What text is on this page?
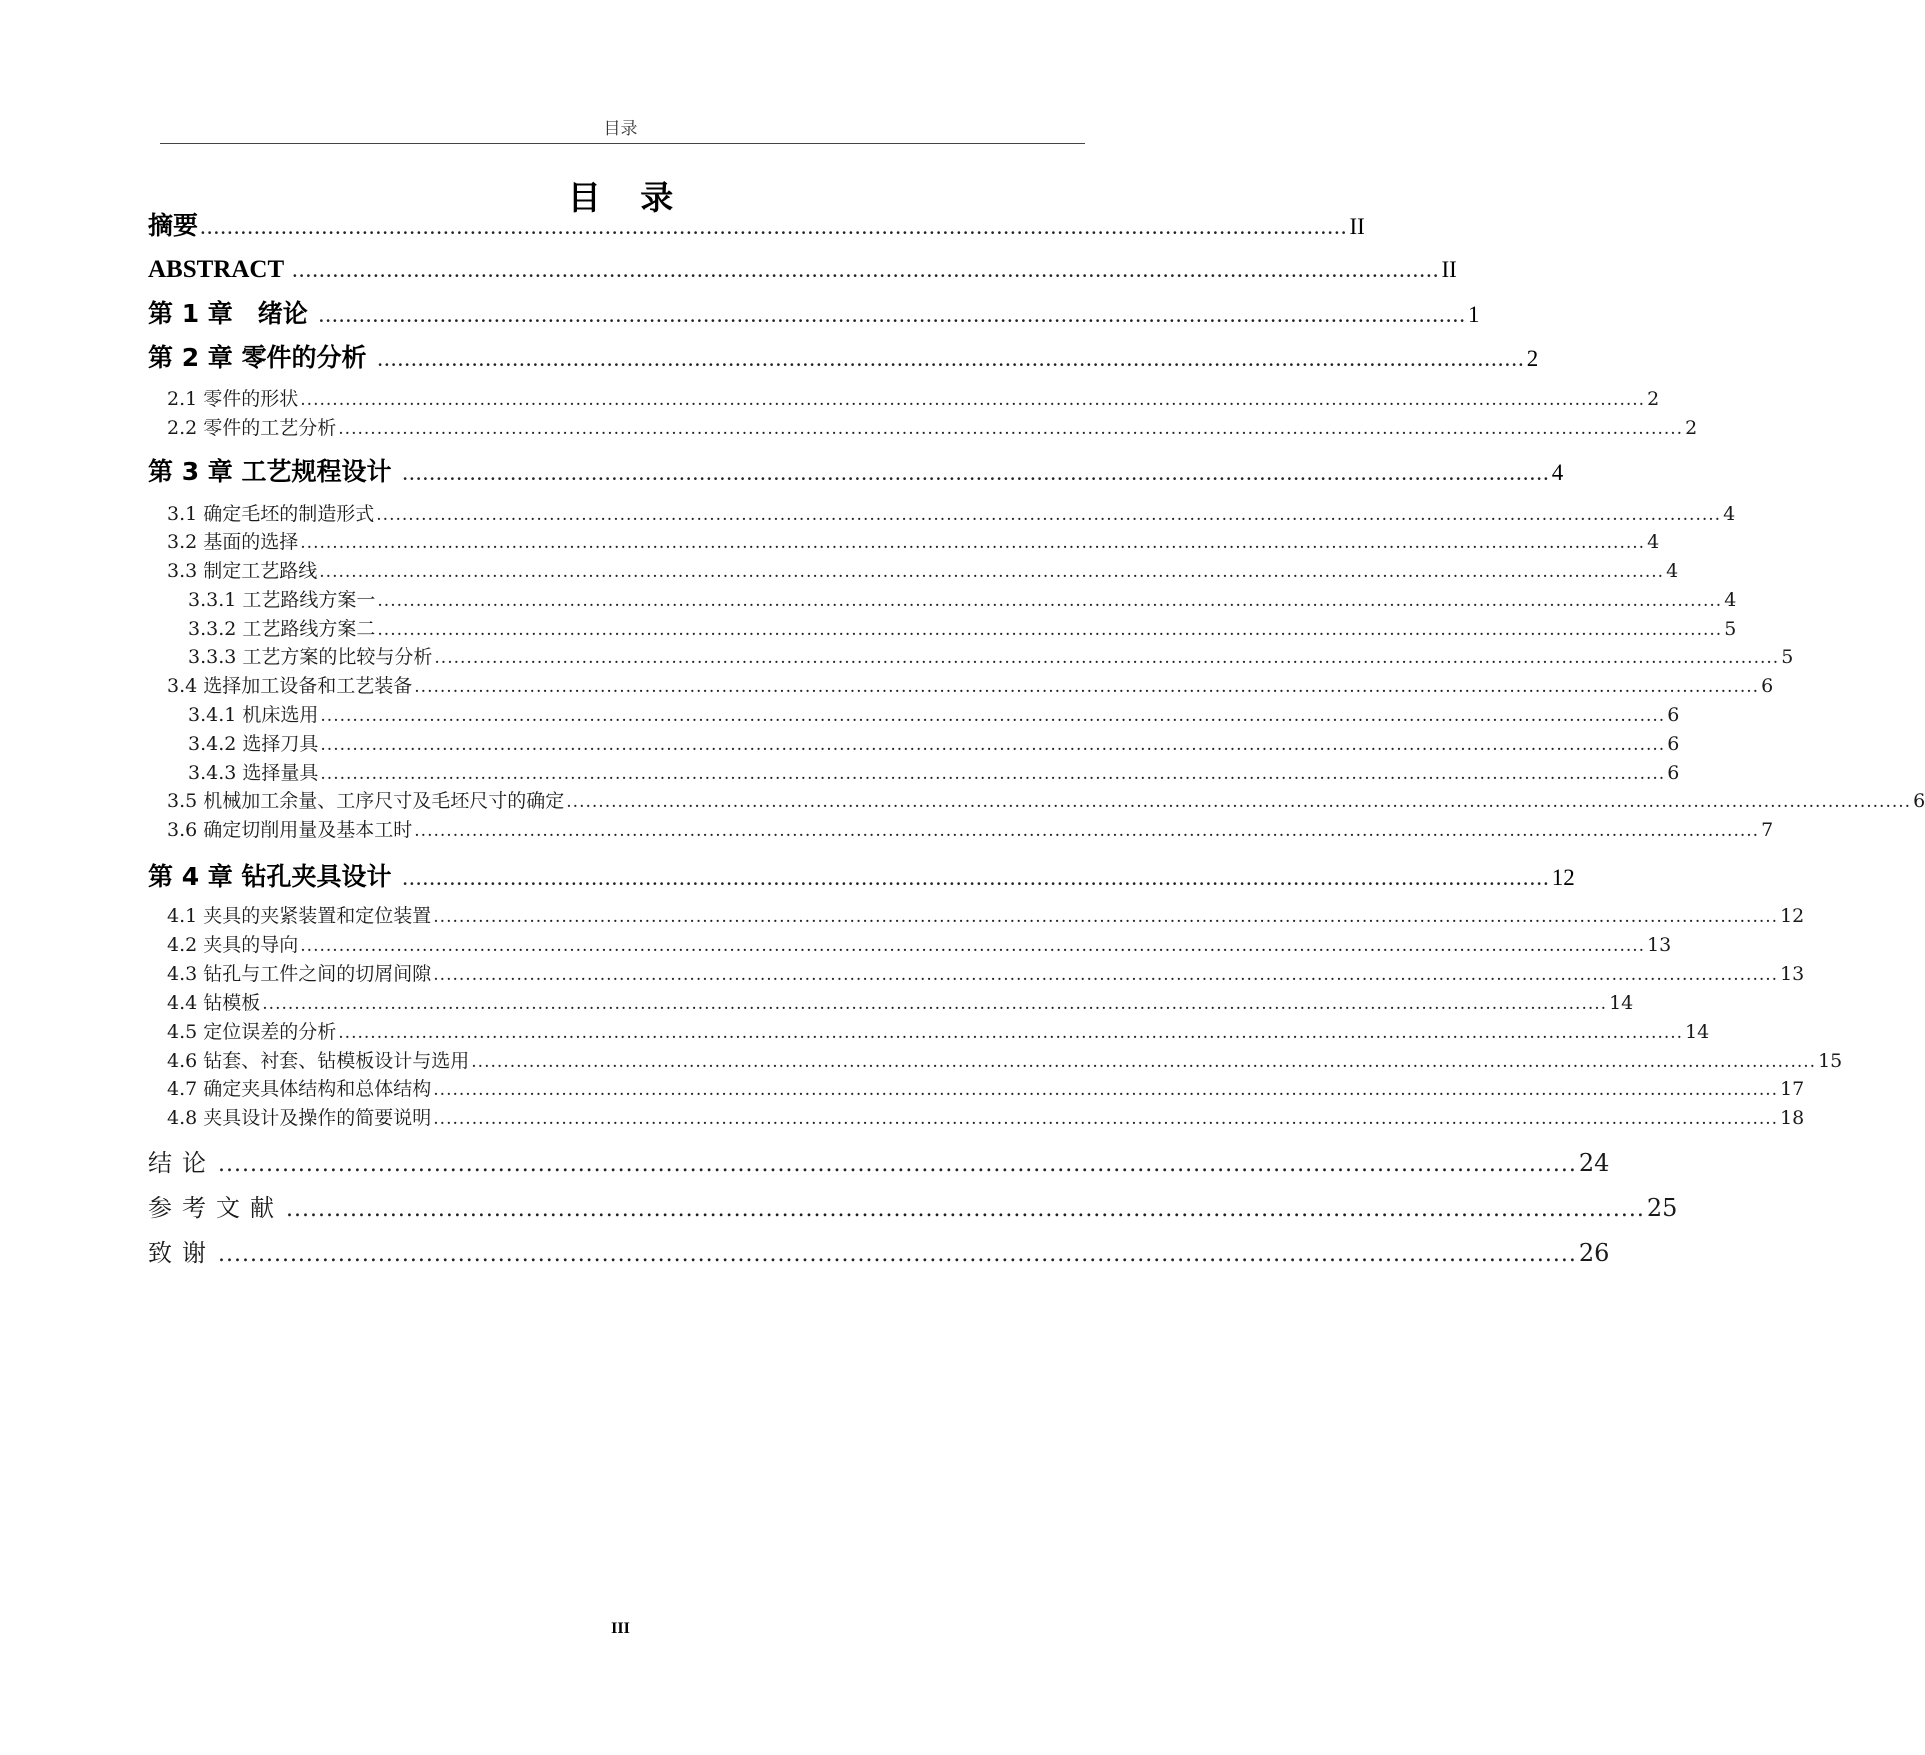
目录
目 录
摘要 .......................................................................................................................................................................... II
ABSTRACT .......................................................................................................................................................................... II
第 1 章　绪论 .......................................................................................................................................................................... 1
第 2 章 零件的分析 .......................................................................................................................................................................... 2
2.1 零件的形状 .................................................................................................................................................................................................................. 2
2.2 零件的工艺分析 .................................................................................................................................................................................................................. 2
第 3 章 工艺规程设计 .......................................................................................................................................................................... 4
3.1 确定毛坯的制造形式 .................................................................................................................................................................................................................. 4
3.2 基面的选择 .................................................................................................................................................................................................................. 4
3.3 制定工艺路线 .................................................................................................................................................................................................................. 4
3.3.1 工艺路线方案一 .................................................................................................................................................................................................................. 4
3.3.2 工艺路线方案二 .................................................................................................................................................................................................................. 5
3.3.3 工艺方案的比较与分析 .................................................................................................................................................................................................................. 5
3.4 选择加工设备和工艺装备 .................................................................................................................................................................................................................. 6
3.4.1 机床选用 .................................................................................................................................................................................................................. 6
3.4.2 选择刀具 .................................................................................................................................................................................................................. 6
3.4.3 选择量具 .................................................................................................................................................................................................................. 6
3.5 机械加工余量、工序尺寸及毛坯尺寸的确定 .................................................................................................................................................................................................................. 6
3.6 确定切削用量及基本工时 .................................................................................................................................................................................................................. 7
第 4 章 钻孔夹具设计 .......................................................................................................................................................................... 12
4.1 夹具的夹紧装置和定位装置 .................................................................................................................................................................................................................. 12
4.2 夹具的导向 .................................................................................................................................................................................................................. 13
4.3 钻孔与工件之间的切屑间隙 .................................................................................................................................................................................................................. 13
4.4 钻模板 .................................................................................................................................................................................................................. 14
4.5 定位误差的分析 .................................................................................................................................................................................................................. 14
4.6 钻套、衬套、钻模板设计与选用 .................................................................................................................................................................................................................. 15
4.7 确定夹具体结构和总体结构 .................................................................................................................................................................................................................. 17
4.8 夹具设计及操作的简要说明 .................................................................................................................................................................................................................. 18
结论 .......................................................................................................................................................................... 24
参考文献 .......................................................................................................................................................................... 25
致谢 .......................................................................................................................................................................... 26
III
